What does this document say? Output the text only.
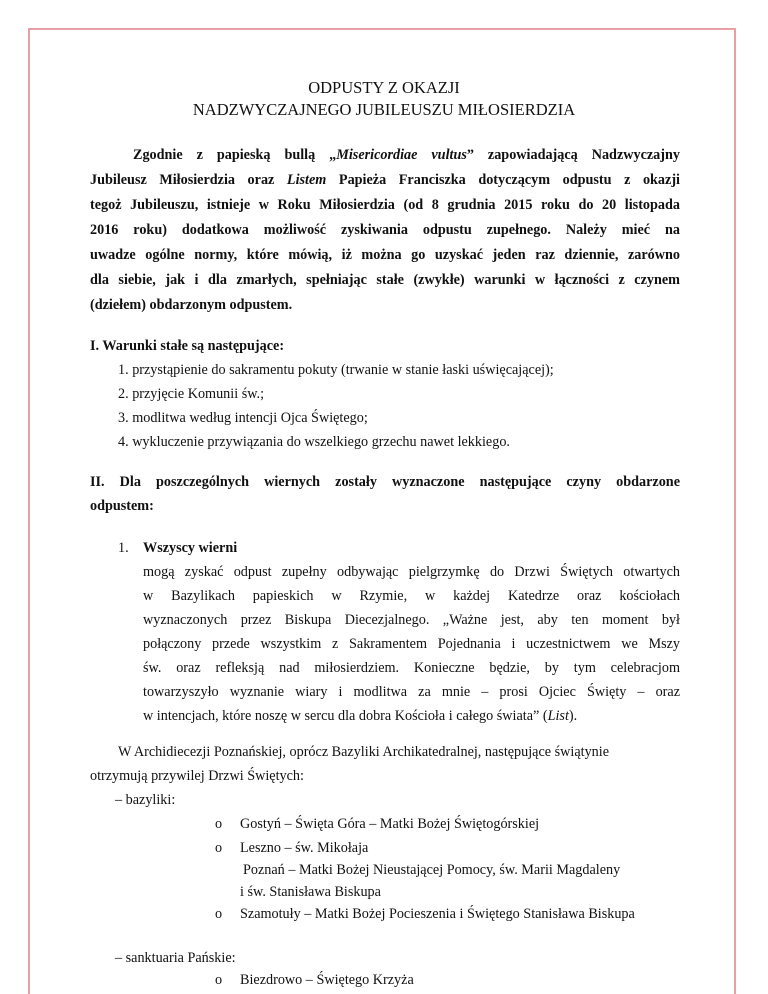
ODPUSTY Z OKAZJI
NADZWYCZAJNEGO JUBILEUSZU MIŁOSIERDZIA
Zgodnie z papieską bullą „Misericordiae vultus” zapowiadającą Nadzwyczajny
Jubileusz Miłosierdzia oraz Listem Papieża Franciszka dotyczącym odpustu z okazji
tegoż Jubileuszu, istnieje w Roku Miłosierdzia (od 8 grudnia 2015 roku do 20 listopada
2016 roku) dodatkowa możliwość zyskiwania odpustu zupełnego. Należy mieć na
uwadze ogólne normy, które mówią, iż można go uzyskać jeden raz dziennie, zarówno
dla siebie, jak i dla zmarłych, spełniając stałe (zwykłe) warunki w łączności z czynem
(dziełem) obdarzonym odpustem.
I. Warunki stałe są następujące:
1. przystąpienie do sakramentu pokuty (trwanie w stanie łaski uświęcającej);
2. przyjęcie Komunii św.;
3. modlitwa według intencji Ojca Świętego;
4. wykluczenie przywiązania do wszelkiego grzechu nawet lekkiego.
II. Dla poszczególnych wiernych zostały wyznaczone następujące czyny obdarzone
odpustem:
1. Wszyscy wierni
mogą zyskać odpust zupełny odbywając pielgrzymkę do Drzwi Świętych otwartych
w Bazylikach papieskich w Rzymie, w każdej Katedrze oraz kościołach
wyznaczonych przez Biskupa Diecezjalnego. „Ważne jest, aby ten moment był
połączony przede wszystkim z Sakramentem Pojednania i uczestnictwem we Mszy
św. oraz refleksją nad miłosierdziem. Konieczne będzie, by tym celebracjom
towarzyszyło wyznanie wiary i modlitwa za mnie – prosi Ojciec Święty – oraz
w intencjach, które noszę w sercu dla dobra Kościoła i całego świata” (List).
W Archidiecezji Poznańskiej, oprócz Bazyliki Archikatedralnej, następujące świątynie
otrzymują przywilej Drzwi Świętych:
– bazyliki:
o Gostyń – Święta Góra – Matki Bożej Świętogórskiej
o Leszno – św. Mikołaja
Poznań – Matki Bożej Nieustającej Pomocy, św. Marii Magdaleny
i św. Stanisława Biskupa
o Szamotuły – Matki Bożej Pocieszenia i Świętego Stanisława Biskupa
– sanktuaria Pańskie:
o Biezdrowo – Świętego Krzyża
